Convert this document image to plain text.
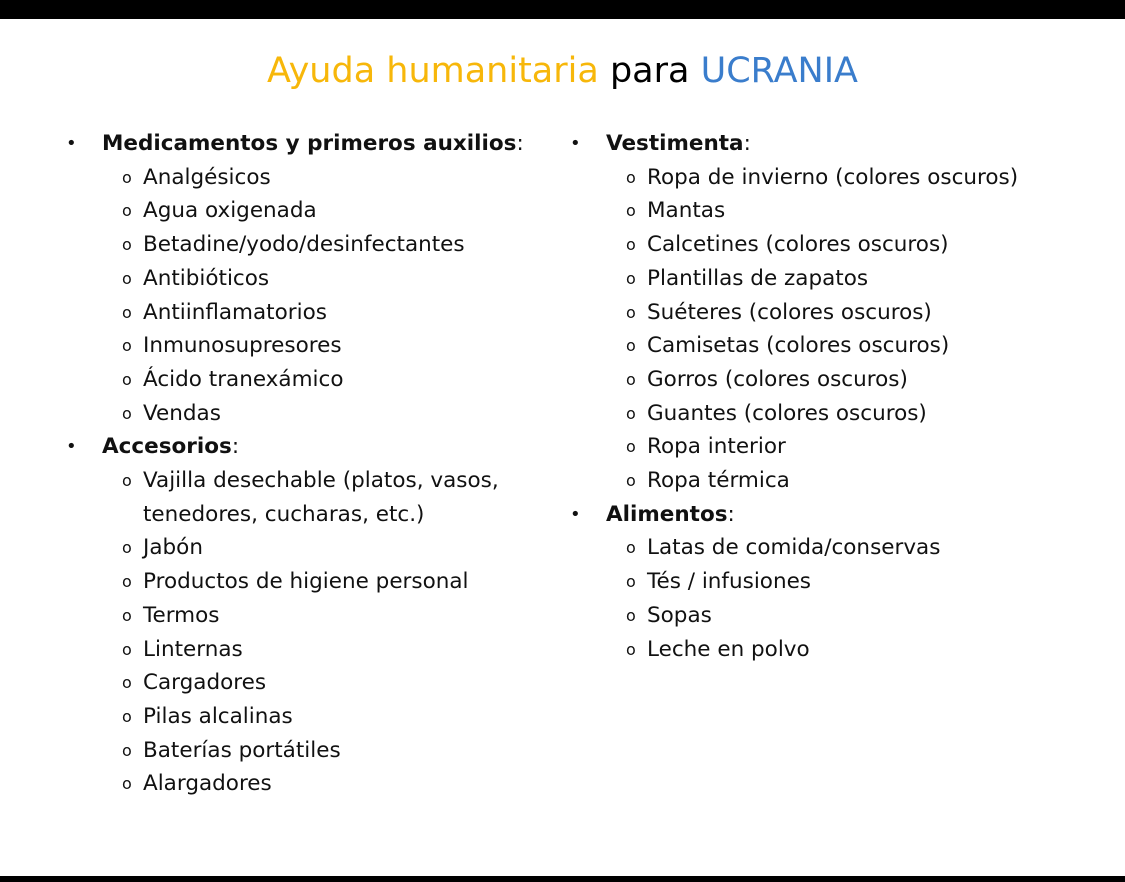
Ayuda humanitaria para UCRANIA
• Medicamentos y primeros auxilios:
o Analgésicos
o Agua oxigenada
o Betadine/yodo/desinfectantes
o Antibióticos
o Antiinflamatorios
o Inmunosupresores
o Ácido tranexámico
o Vendas
• Accesorios:
o Vajilla desechable (platos, vasos, tenedores, cucharas, etc.)
o Jabón
o Productos de higiene personal
o Termos
o Linternas
o Cargadores
o Pilas alcalinas
o Baterías portátiles
o Alargadores
• Vestimenta:
o Ropa de invierno (colores oscuros)
o Mantas
o Calcetines (colores oscuros)
o Plantillas de zapatos
o Suéteres (colores oscuros)
o Camisetas (colores oscuros)
o Gorros (colores oscuros)
o Guantes (colores oscuros)
o Ropa interior
o Ropa térmica
• Alimentos:
o Latas de comida/conservas
o Tés / infusiones
o Sopas
o Leche en polvo
